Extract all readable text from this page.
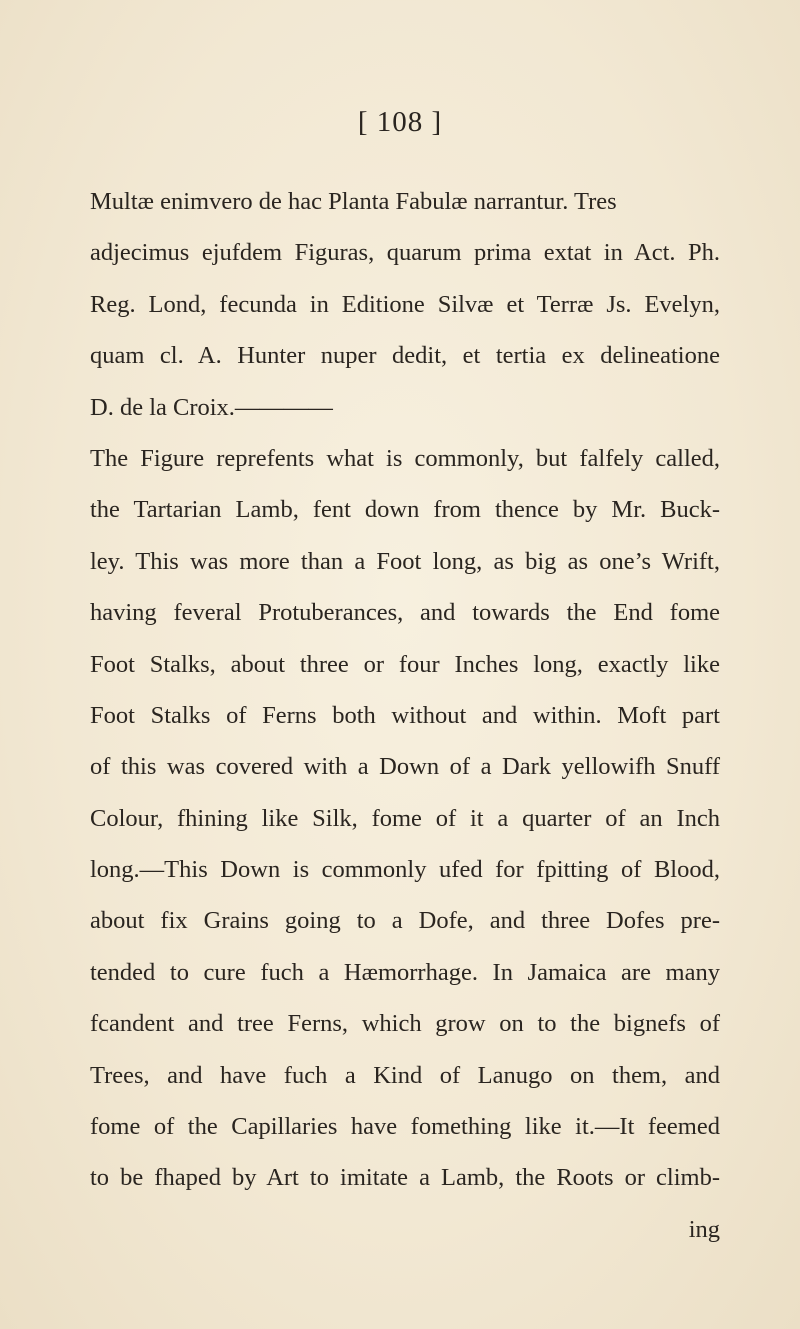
[ 108 ]
Multæ enimvero de hac Planta Fabulæ narrantur. Tres
adjecimus ejufdem Figuras, quarum prima extat in Act. Ph.
Reg. Lond, fecunda in Editione Silvæ et Terræ Js. Evelyn,
quam cl. A. Hunter nuper dedit, et tertia ex delineatione
D. de la Croix.————
The Figure reprefents what is commonly, but falfely called,
the Tartarian Lamb, fent down from thence by Mr. Buck-
ley. This was more than a Foot long, as big as one’s Wrift,
having feveral Protuberances, and towards the End fome
Foot Stalks, about three or four Inches long, exactly like
Foot Stalks of Ferns both without and within. Moft part
of this was covered with a Down of a Dark yellowifh Snuff
Colour, fhining like Silk, fome of it a quarter of an Inch
long.—This Down is commonly ufed for fpitting of Blood,
about fix Grains going to a Dofe, and three Dofes pre-
tended to cure fuch a Hæmorrhage. In Jamaica are many
fcandent and tree Ferns, which grow on to the bignefs of
Trees, and have fuch a Kind of Lanugo on them, and
fome of the Capillaries have fomething like it.—It feemed
to be fhaped by Art to imitate a Lamb, the Roots or climb-
ing
